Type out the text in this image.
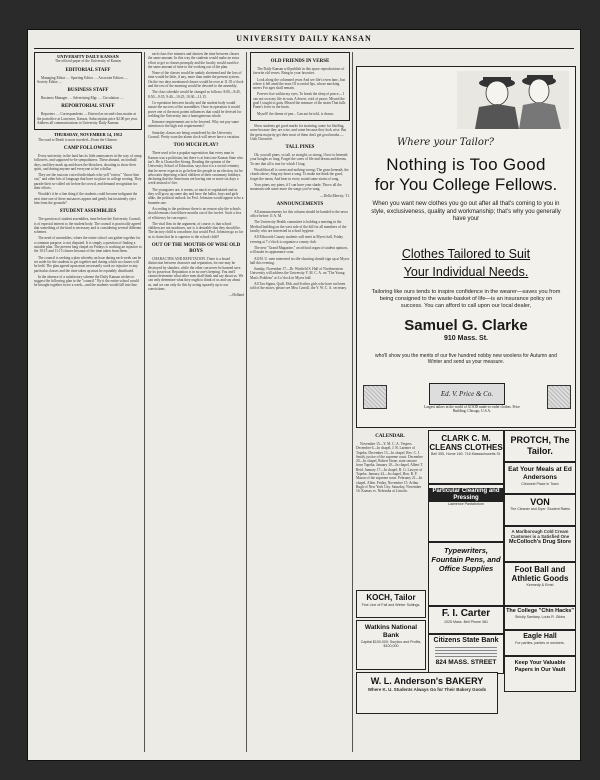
UNIVERSITY DAILY KANSAN
UNIVERSITY DAILY KANSAN
The official paper of the University of Kansas
EDITORIAL STAFF

Managing Editor .... Sporting Editor .... Associate Editors .... Society Editor ....

BUSINESS STAFF

Business Manager .... Advertising Mgr. .... Circulation ....

REPORTORIAL STAFF

Reporters .... Correspondents .... Entered as second-class matter at the postoffice at Lawrence, Kansas. Subscription price $2.00 per year. Address all communications to University Daily Kansan.

THURSDAY, NOVEMBER 14, 1912

The road to Death is most traveled—From the Chinese.

CAMP FOLLOWERS

Every university in the land has its little annoyances in the way of camp followers, and supposed-to-be sympathizers. These abound, on football days, and they mark up and down the bleachers, shouting to show their spirit, and during anyone and everyone to bet a dollar.

They are the raucous voiced individuals who yell "rotten," "throw him out," and other bits of language that have no place in college rooting. They parade their so-called wit before the crowd, and demand recognition for their efforts.

Wouldn't it be a fine thing if the students could become indignant the next time one of these nuisances appear and gently but insistently eject him from the grounds?

STUDENT ASSEMBLIES

The question of student assemblies, time before the University Council, is of especial interest to the student body. The council is practically agreed that something of the kind is necessary and is considering several different schemes.

The need of assemblies, where the entire school can gather together for a common purpose, is not disputed. It is simply a question of finding a suitable plan. The present long chapel on Fridays is working an injustice to the 10:15 and 11:15 classes because of the time taken from them.

The council is seeking a plan whereby an hour during each week can be set aside for the students to get together and during which no classes will be held. The plan agreed upon must necessarily work no injustice to any particular classes and the time taken up must be equitably distributed.

In the absence of a satisfactory scheme the Daily Kansan wishes to suggest the following plan to the "council." By it the entire school would be brought together twice a week—and the students would fall into line.

each class five minutes and shorten the time between classes the same amount. In this way the students would make an extra effort to get to classes promptly and the faculty would sacrifice the same amount of time to the working out of the plan.

None of the classes would be unduly shortened and the loss of time would be little, if any, more than under the present system. On the two days mentioned classes would be over at 11:35 o'clock and the rest of the morning would be devoted to the assembly.

The class schedule would be changed as follows: 8:00—8:45, 8:50—9:35, 9:40—10:25, 10:30—11:15.

Co-operation between faculty and the student body would insure the success of the assemblies. Once in operation it would prove one of the most potent influences that could be devised for welding the University into a homogeneous whole.

Entrance requirements are to be lowered. Why not pay some attention to the high exit requirements?

Saturday classes are being considered by the University Council. Pretty soon the alarm clock will never have a vacation.

TOO MUCH PLAY?

There used to be a popular superstition that every man in Kansas was a politician, but there is at least one Kansas State who isn't. He is Chancellor Strong. Reading the opinion of the University School of Education, says that it is a social certainty that he never expects to go before the people in an election, for he advocates depriving school children of their customary holidays, declaring that the Americans are having one or more six days a week instead of five.

The youngsters are, it seems, so much re-capitulated and as they will grow up some day and have the ballot, boys and girls alike, the political outlook for Prof. Johnston would appear to be a brunette one.

According to the professor there is no reason why the schools should remain closed three months out of the twelve. Such a loss of efficiency he can expect.

The vital flaw in the argument, of course, is that school children are not machines, nor is it desirable that they should be. The factory child is a machine, but would Prof. Johnston go so far as to claim that he is superior to the school child?

OUT OF THE MOUTHS OF WISE OLD BOYS

CHARACTER AND REPUTATION. There is a broad distinction between character and reputation, for one may be destroyed by slanders, while the other can never be harmed save by its possessor. Reputation is in no one's keeping. You and I cannot determine what other men shall think and say about us. We can only determine what they ought to think of us and say about us, and we can only do this by acting squarely up to our convictions.

—Holland

OLD FRIENDS IN VERSE

The Daily Kansan will publish in this space reproductions of favorite old verses. Bring in your favorites.

Look along the columned years And see life's riven fane, Just where it fell amid the tears Of scornful lips, whose mocking sneers For ages shall remain.

Forever fixe within my eyes, To break the sleep of peace— I can not own my life in vain, A desert, void of peace; Missed the goal I sought to gain, Missed the measure of the strain That lulls Fame's fever in the brain.

Myself! the theme of pen... Can not be told, is drawn.

Show students get good marks for straining, some for bluffing, some because they are wise, and some because they look wise. But the great majority get their most of them don't get good marks.—Utah Chronicle.

TALL PINES

Oh, you tall pines, so tall, so straight, so strong, I bow to beneath your boughs so long; Forget the cares of life and dream and dream, To one that all is true for which I long.

Would that all is sweet and nothing wrong; The grass beneath, the clouds above, Sing my heart a song. To make me think the good, forget the mean, And hear in every sound some strain of song.

Your pines, my pines, if I can have your shade, Throw all the mountain side some more the songs you've sung.

—Della Merrity, '11.

ANNOUNCEMENTS

All announcements for this column should be handed to the news office before 11 A. M.

The University Health committee is holding a meeting in the Medical building on the west side of the hill for all members of the faculty who are interested in school hygiene.

All Ellsworth County students will meet at Myers hall, Friday evening at 7 o'clock to organize a county club.

The new "Grand Magazine," an official organ of student opinion, will make its appearance soon.

All M. U. men interested in rifle shooting should sign up at Myers hall this evening.

Sunday, November 17—Dr. Winfield S. Hall of Northwestern University will address the University Y. M. C. A. on "The Young Man's Problem" at 4 o'clock in Myers hall.

All Tau Sigma, Quill, Ebb, and Scribes girls who have not been told of the mixer, please see Miss Carroll, the Y. W. C. A. secretary.

Where your Tailor?
Nothing is Too Good
for You College Fellows.
When you want new clothes you go out after all that's coming to you in style, exclusiveness, quality and workmanship; that's why you generally have your
Clothes Tailored to Suit
Your Individual Needs.
Tailoring like ours tends to inspire confidence in the wearer—saves you from being consigned to the waste-basket of life—is an insurance policy on success. You can afford to call upon our local dealer,
Samuel G. Clarke
910 Mass. St.
who'll show you the merits of our five hundred nobby new woolens for Autumn and Winter and send us your measure.
Ed. V. Price & Co.
Largest tailors in the world of GOOD made-to-order clothes. Price Building, Chicago, U.S.A.
CALENDAR.

November 15—Y. M. C. A. Vespers. December 6—In chapel, J. B. Larimer of Topeka. December 13—In chapel, Rev. C. J. Smith, justice of the supreme court. December 20—In chapel, Robert Stone, state senator from Topeka. January 10—In chapel, Albert T. Reid. January 17—In chapel, R. G. Lawyer of Topeka. January 24—In chapel, Hon. R. F. Mason of the supreme court. February 21—In chapel, Allen. Friday, November 15. Arthur Rugh of New York City. Saturday, November 16. Kansas vs. Nebraska at Lincoln.

CLARK C. M. CLEANS CLOTHES
Bell 355, Home 160. 716 Massachusetts St.
PROTCH, The Tailor.
Eat Your Meals at Ed Andersons
Cleanest Place in Town
Particular Cleaning and Pressing
Lawrence Pantatorium	VON
The Cleaner and Dyer. Student Rates
A Marlborough Cold Cream Customer is a Satisfied One
McColloch's Drug Store
KOCH, Tailor
Fine Line of Fall and Winter Suitings.
Typewriters, Fountain Pens, and Office Supplies	Foot Ball and Athletic Goods
Kennedy & Ernst
Watkins National Bank
Capital $100,000; Surplus and Profits, $100,000
F. I. Carter
1025 Mass. Bell Phone 381
The College "Chin Hacks"
Strictly Sanitary. Louis R. Gibbs
Eagle Hall
For parties, parties or smokers.
Citizens State Bank
824 MASS. STREET	Keep Your Valuable Papers in Our Vault
W. L. Anderson's BAKERY
Where K. U. Students Always Go for Their Bakery Goods
